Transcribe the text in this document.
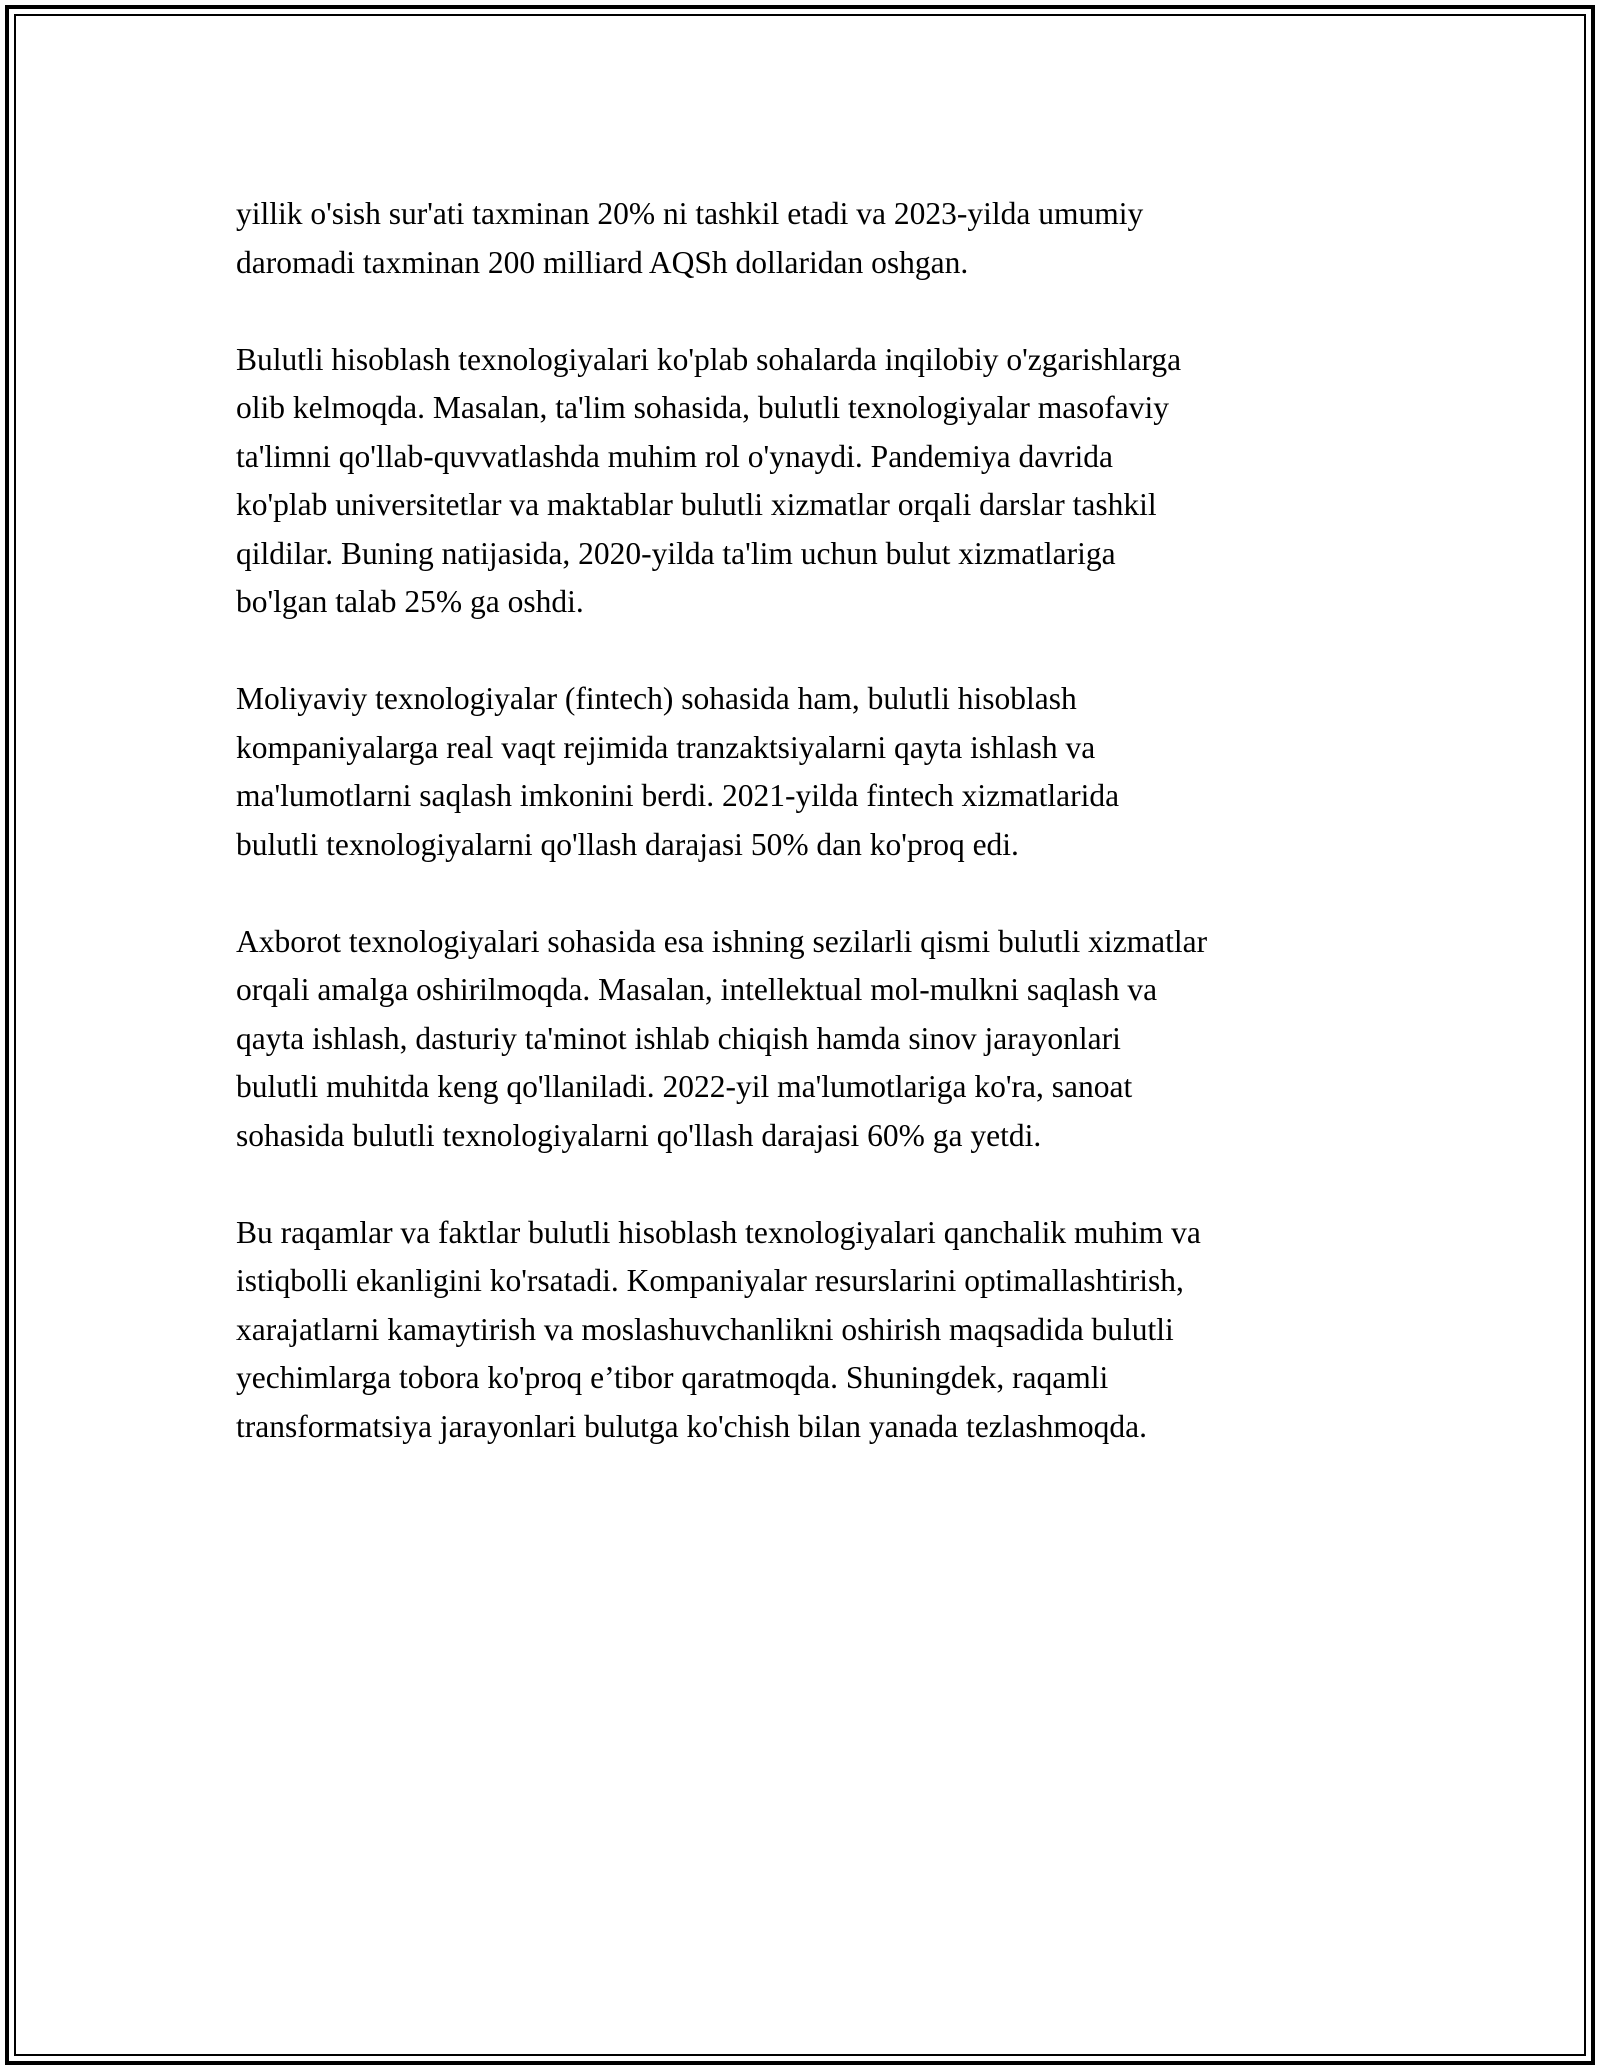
yillik o'sish sur'ati taxminan 20% ni tashkil etadi va 2023-yilda umumiy
daromadi taxminan 200 milliard AQSh dollaridan oshgan.

Bulutli hisoblash texnologiyalari ko'plab sohalarda inqilobiy o'zgarishlarga
olib kelmoqda. Masalan, ta'lim sohasida, bulutli texnologiyalar masofaviy
ta'limni qo'llab-quvvatlashda muhim rol o'ynaydi. Pandemiya davrida
ko'plab universitetlar va maktablar bulutli xizmatlar orqali darslar tashkil
qildilar. Buning natijasida, 2020-yilda ta'lim uchun bulut xizmatlariga
bo'lgan talab 25% ga oshdi.

Moliyaviy texnologiyalar (fintech) sohasida ham, bulutli hisoblash
kompaniyalarga real vaqt rejimida tranzaktsiyalarni qayta ishlash va
ma'lumotlarni saqlash imkonini berdi. 2021-yilda fintech xizmatlarida
bulutli texnologiyalarni qo'llash darajasi 50% dan ko'proq edi.

Axborot texnologiyalari sohasida esa ishning sezilarli qismi bulutli xizmatlar
orqali amalga oshirilmoqda. Masalan, intellektual mol-mulkni saqlash va
qayta ishlash, dasturiy ta'minot ishlab chiqish hamda sinov jarayonlari
bulutli muhitda keng qo'llaniladi. 2022-yil ma'lumotlariga ko'ra, sanoat
sohasida bulutli texnologiyalarni qo'llash darajasi 60% ga yetdi.

Bu raqamlar va faktlar bulutli hisoblash texnologiyalari qanchalik muhim va
istiqbolli ekanligini ko'rsatadi. Kompaniyalar resurslarini optimallashtirish,
xarajatlarni kamaytirish va moslashuvchanlikni oshirish maqsadida bulutli
yechimlarga tobora ko'proq e’tibor qaratmoqda. Shuningdek, raqamli
transformatsiya jarayonlari bulutga ko'chish bilan yanada tezlashmoqda.
